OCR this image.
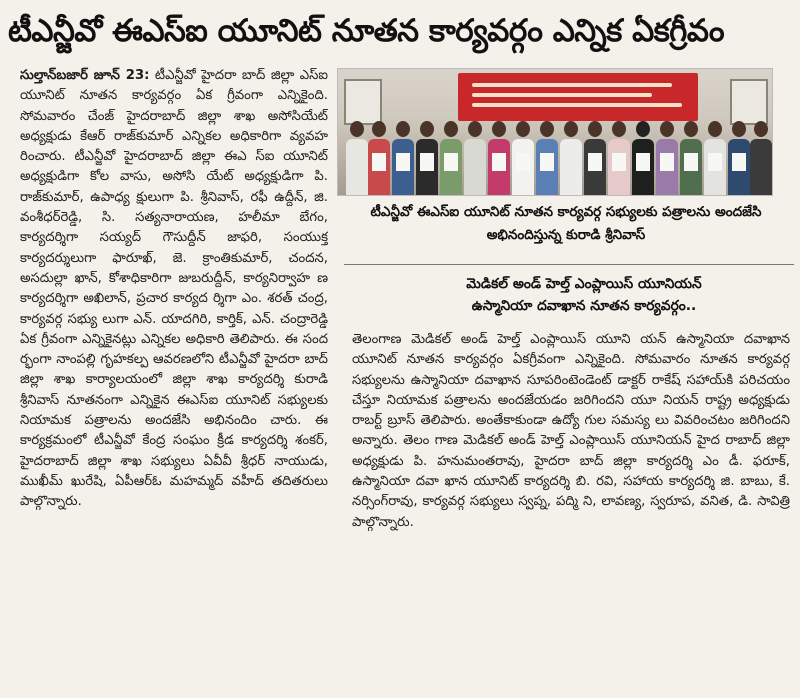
టీఎన్జీవో ఈఎస్ఐ యూనిట్ నూతన కార్యవర్గం ఎన్నిక ఏకగ్రీవం
సుల్తాన్‌బజార్ జూన్ 23: టీఎన్జీవో హైదరా బాద్ జిల్లా ఎస్ఐ యూనిట్ నూతన కార్యవర్గం ఏక గ్రీవంగా ఎన్నికైంది. సోమవారం చేంజ్ హైదరాబాద్ జిల్లా శాఖ అసోసియేట్ అధ్యక్షుడు కేఆర్ రాజ్‌కుమార్ ఎన్నికల అధికారిగా వ్యవహ రించారు. టీఎన్జీవో హైదరాబాద్ జిల్లా ఈఎ స్ఐ యూనిట్ అధ్యక్షుడిగా కోల వాసు, అసోసి యేట్ అధ్యక్షుడిగా పి. రాజ్‌కుమార్, ఉపాధ్య క్షులుగా పి. శ్రీనివాస్, రఫీ ఉద్దీన్, జి. వంశీధర్‌రెడ్డి, సి. సత్యనారాయణ, హలీమా బేగం, కార్యదర్శిగా సయ్యద్ గౌసుద్దీన్ జాఫరి, సంయుక్త కార్యదర్శులుగా ఫారూఖ్, జె. క్రాంతికుమార్, చందన, అసదుల్లా ఖాన్, కోశాధికారిగా జుబరుద్దీన్, కార్యనిర్వాహ ణ కార్యదర్శిగా అఖిలాన్, ప్రచార కార్యద ర్శిగా ఎం. శరత్ చంద్ర, కార్యవర్గ సభ్యు లుగా ఎన్. యాదగిరి, కార్తిక్, ఎన్. చంద్రారెడ్డి ఏక గ్రీవంగా ఎన్నికైనట్లు ఎన్నికల అధికారి తెలిపారు. ఈ సంద ర్భంగా నాంపల్లి గృహకల్ప ఆవరణలోని టీఎన్జీవో హైదరా బాద్ జిల్లా శాఖ కార్యాలయంలో జిల్లా శాఖ కార్యదర్శి కురాడి శ్రీనివాస్ నూతనంగా ఎన్నికైన ఈఎస్ఐ యూనిట్ సభ్యులకు నియామక పత్రాలను అందజేసి అభినందిం చారు. ఈ కార్యక్రమంలో టీఎన్జీవో కేంద్ర సంఘం క్రీడ కార్యదర్శి శంకర్, హైదరాబాద్ జిల్లా శాఖ సభ్యులు ఏవీవీ శ్రీధర్ నాయుడు, ముఖీమ్ ఖురేషి, ఏపీఆర్ఓ మహమ్మద్ వహీద్ తదితరులు పాల్గొన్నారు.
టీఎన్జీవో ఈఎస్ఐ యూనిట్ నూతన కార్యవర్గ సభ్యులకు పత్రాలను అందజేసి అభినందిస్తున్న కురాడి శ్రీనివాస్
మెడికల్ అండ్ హెల్త్ ఎంప్లాయిస్ యూనియన్ ఉస్మానియా దవాఖాన నూతన కార్యవర్గం..
తెలంగాణ మెడికల్ అండ్ హెల్త్ ఎంప్లాయిస్ యూని యన్ ఉస్మానియా దవాఖాన యూనిట్ నూతన కార్యవర్గం ఏకగ్రీవంగా ఎన్నికైంది. సోమవారం నూతన కార్యవర్గ సభ్యులను ఉస్మానియా దవాఖాన సూపరింటెండెంట్ డాక్టర్ రాకేష్ సహాయ్‌కి పరిచయం చేస్తూ నియామక పత్రాలను అందజేయడం జరిగిందని యూ నియన్ రాష్ట్ర అధ్యక్షుడు రాబర్ట్ బ్రూస్ తెలిపారు. అంతేకాకుండా ఉద్యో గుల సమస్య లు వివరించటం జరిగిందని అన్నారు. తెలం గాణ మెడికల్ అండ్ హెల్త్ ఎంప్లాయిస్ యూనియన్ హైద రాబాద్ జిల్లా అధ్యక్షుడు పి. హనుమంతరావు, హైదరా బాద్ జిల్లా కార్యదర్శి ఎం డీ. ఫరూక్, ఉస్మానియా దవా ఖాన యూనిట్ కార్యదర్శి బి. రవి, సహాయ కార్యదర్శి జి. బాబు, కే. నర్సింగ్‌రావు, కార్యవర్గ సభ్యులు స్వప్న, పద్మి ని, లావణ్య, స్వరూప, వనిత, డి. సావిత్రి పాల్గొన్నారు.
